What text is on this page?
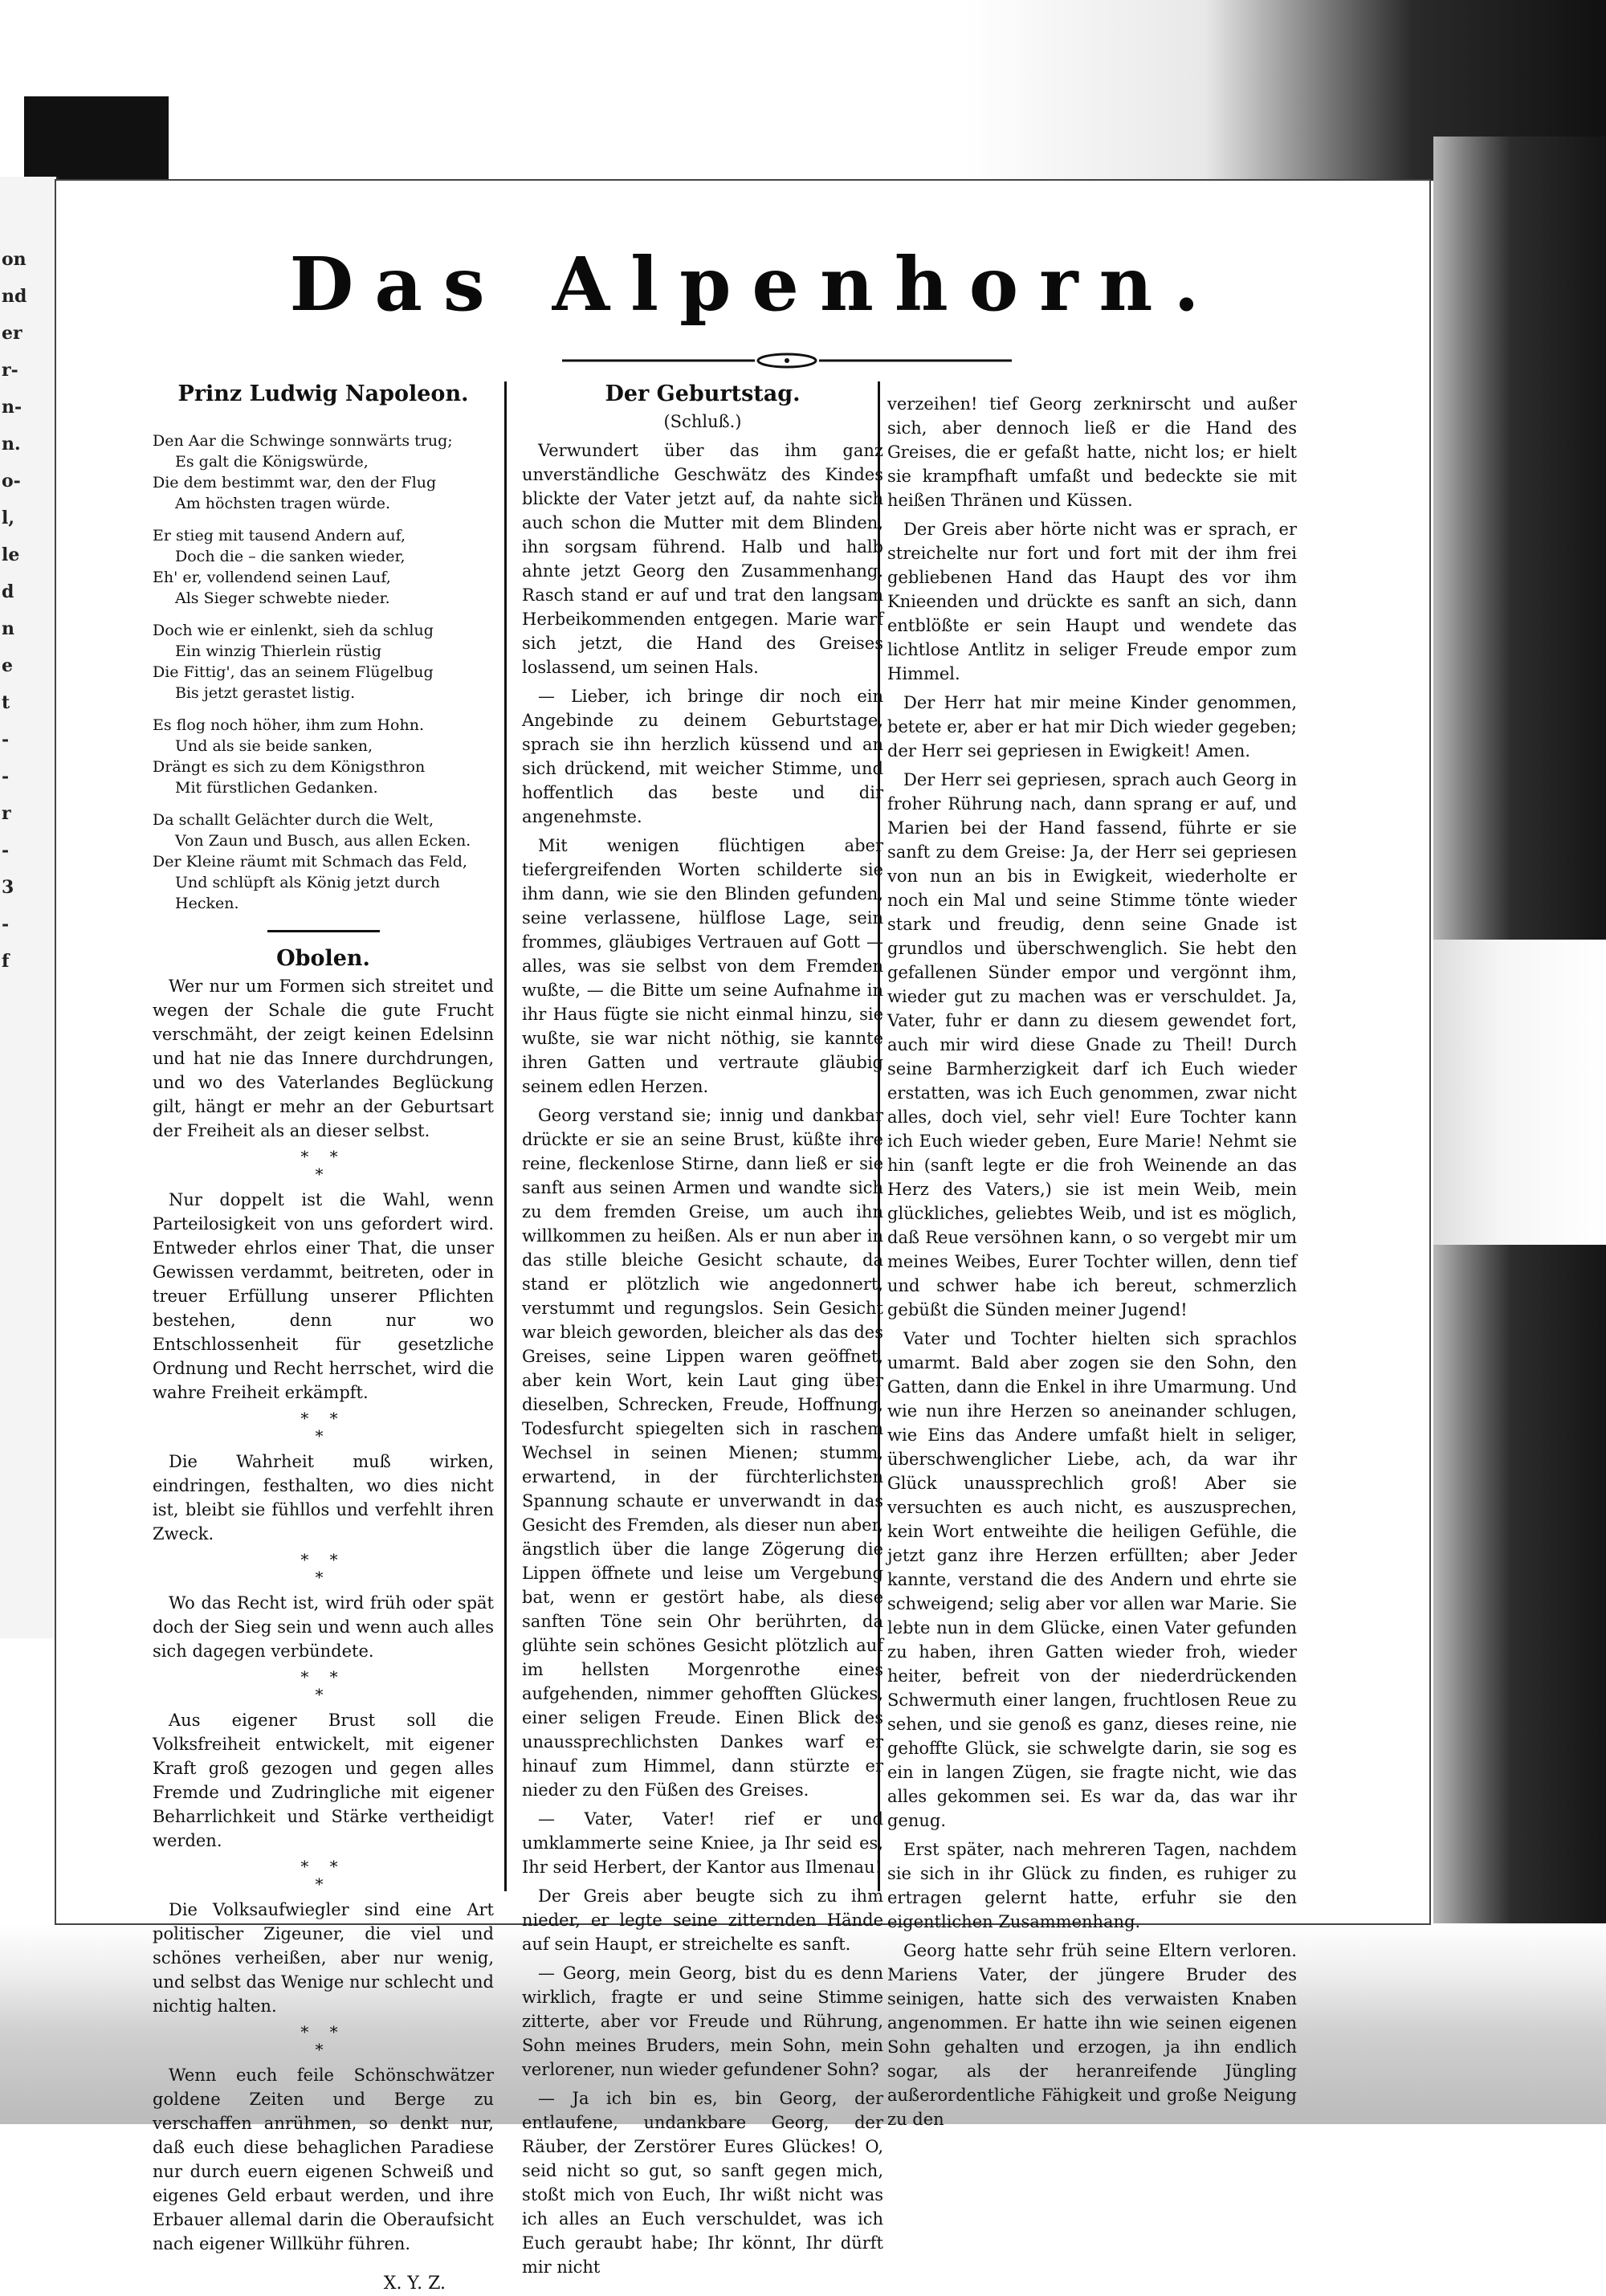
on
nd
er
r-
n-
n.
o-
l,
le
d
n
e
t
-
-
r
-
3
-
f
Das Alpenhorn.
Prinz Ludwig Napoleon.

Den Aar die Schwinge sonnwärts trug;

Es galt die Königswürde,

Die dem bestimmt war, den der Flug

Am höchsten tragen würde.

Er stieg mit tausend Andern auf,

Doch die – die sanken wieder,

Eh' er, vollendend seinen Lauf,

Als Sieger schwebte nieder.

Doch wie er einlenkt, sieh da schlug

Ein winzig Thierlein rüstig

Die Fittig', das an seinem Flügelbug

Bis jetzt gerastet listig.

Es flog noch höher, ihm zum Hohn.

Und als sie beide sanken,

Drängt es sich zu dem Königsthron

Mit fürstlichen Gedanken.

Da schallt Gelächter durch die Welt,

Von Zaun und Busch, aus allen Ecken.

Der Kleine räumt mit Schmach das Feld,

Und schlüpft als König jetzt durch Hecken.

Obolen.

Wer nur um Formen sich streitet und wegen der Schale die gute Frucht verschmäht, der zeigt keinen Edelsinn und hat nie das Innere durchdrungen, und wo des Vaterlandes Beglückung gilt, hängt er mehr an der Geburtsart der Freiheit als an dieser selbst.

* *
*

Nur doppelt ist die Wahl, wenn Parteilosigkeit von uns gefordert wird. Entweder ehrlos einer That, die unser Gewissen verdammt, beitreten, oder in treuer Erfüllung unserer Pflichten bestehen, denn nur wo Entschlossenheit für gesetzliche Ordnung und Recht herrschet, wird die wahre Freiheit erkämpft.

* *
*

Die Wahrheit muß wirken, eindringen, festhalten, wo dies nicht ist, bleibt sie fühllos und verfehlt ihren Zweck.

* *
*

Wo das Recht ist, wird früh oder spät doch der Sieg sein und wenn auch alles sich dagegen verbündete.

* *
*

Aus eigener Brust soll die Volksfreiheit entwickelt, mit eigener Kraft groß gezogen und gegen alles Fremde und Zudringliche mit eigener Beharrlichkeit und Stärke vertheidigt werden.

* *
*

Die Volksaufwiegler sind eine Art politischer Zigeuner, die viel und schönes verheißen, aber nur wenig, und selbst das Wenige nur schlecht und nichtig halten.

* *
*

Wenn euch feile Schönschwätzer goldene Zeiten und Berge zu verschaffen anrühmen, so denkt nur, daß euch diese behaglichen Paradiese nur durch euern eigenen Schweiß und eigenes Geld erbaut werden, und ihre Erbauer allemal darin die Oberaufsicht nach eigener Willkühr führen.

X. Y. Z.
Der Geburtstag.
(Schluß.)

Verwundert über das ihm ganz unverständliche Geschwätz des Kindes blickte der Vater jetzt auf, da nahte sich auch schon die Mutter mit dem Blinden, ihn sorgsam führend. Halb und halb ahnte jetzt Georg den Zusammenhang. Rasch stand er auf und trat den langsam Herbeikommenden entgegen. Marie warf sich jetzt, die Hand des Greises loslassend, um seinen Hals.

— Lieber, ich bringe dir noch ein Angebinde zu deinem Geburtstage, sprach sie ihn herzlich küssend und an sich drückend, mit weicher Stimme, und hoffentlich das beste und dir angenehmste.

Mit wenigen flüchtigen aber tiefergreifenden Worten schilderte sie ihm dann, wie sie den Blinden gefunden, seine verlassene, hülflose Lage, sein frommes, gläubiges Vertrauen auf Gott — alles, was sie selbst von dem Fremden wußte, — die Bitte um seine Aufnahme in ihr Haus fügte sie nicht einmal hinzu, sie wußte, sie war nicht nöthig, sie kannte ihren Gatten und vertraute gläubig seinem edlen Herzen.

Georg verstand sie; innig und dankbar drückte er sie an seine Brust, küßte ihre reine, fleckenlose Stirne, dann ließ er sie sanft aus seinen Armen und wandte sich zu dem fremden Greise, um auch ihn willkommen zu heißen. Als er nun aber in das stille bleiche Gesicht schaute, da stand er plötzlich wie angedonnert, verstummt und regungslos. Sein Gesicht war bleich geworden, bleicher als das des Greises, seine Lippen waren geöffnet, aber kein Wort, kein Laut ging über dieselben, Schrecken, Freude, Hoffnung, Todesfurcht spiegelten sich in raschem Wechsel in seinen Mienen; stumm, erwartend, in der fürchterlichsten Spannung schaute er unverwandt in das Gesicht des Fremden, als dieser nun aber, ängstlich über die lange Zögerung die Lippen öffnete und leise um Vergebung bat, wenn er gestört habe, als diese sanften Töne sein Ohr berührten, da glühte sein schönes Gesicht plötzlich auf im hellsten Morgenrothe eines aufgehenden, nimmer gehofften Glückes, einer seligen Freude. Einen Blick des unaussprechlichsten Dankes warf er hinauf zum Himmel, dann stürzte er nieder zu den Füßen des Greises.

— Vater, Vater! rief er und umklammerte seine Kniee, ja Ihr seid es, Ihr seid Herbert, der Kantor aus Ilmenau!

Der Greis aber beugte sich zu ihm nieder, er legte seine zitternden Hände auf sein Haupt, er streichelte es sanft.

— Georg, mein Georg, bist du es denn wirklich, fragte er und seine Stimme zitterte, aber vor Freude und Rührung, Sohn meines Bruders, mein Sohn, mein verlorener, nun wieder gefundener Sohn?

— Ja ich bin es, bin Georg, der entlaufene, undankbare Georg, der Räuber, der Zerstörer Eures Glückes! O, seid nicht so gut, so sanft gegen mich, stoßt mich von Euch, Ihr wißt nicht was ich alles an Euch verschuldet, was ich Euch geraubt habe; Ihr könnt, Ihr dürft mir nicht

verzeihen! tief Georg zerknirscht und außer sich, aber dennoch ließ er die Hand des Greises, die er gefaßt hatte, nicht los; er hielt sie krampfhaft umfaßt und bedeckte sie mit heißen Thränen und Küssen.

Der Greis aber hörte nicht was er sprach, er streichelte nur fort und fort mit der ihm frei gebliebenen Hand das Haupt des vor ihm Knieenden und drückte es sanft an sich, dann entblößte er sein Haupt und wendete das lichtlose Antlitz in seliger Freude empor zum Himmel.

Der Herr hat mir meine Kinder genommen, betete er, aber er hat mir Dich wieder gegeben; der Herr sei gepriesen in Ewigkeit! Amen.

Der Herr sei gepriesen, sprach auch Georg in froher Rührung nach, dann sprang er auf, und Marien bei der Hand fassend, führte er sie sanft zu dem Greise: Ja, der Herr sei gepriesen von nun an bis in Ewigkeit, wiederholte er noch ein Mal und seine Stimme tönte wieder stark und freudig, denn seine Gnade ist grundlos und überschwenglich. Sie hebt den gefallenen Sünder empor und vergönnt ihm, wieder gut zu machen was er verschuldet. Ja, Vater, fuhr er dann zu diesem gewendet fort, auch mir wird diese Gnade zu Theil! Durch seine Barmherzigkeit darf ich Euch wieder erstatten, was ich Euch genommen, zwar nicht alles, doch viel, sehr viel! Eure Tochter kann ich Euch wieder geben, Eure Marie! Nehmt sie hin (sanft legte er die froh Weinende an das Herz des Vaters,) sie ist mein Weib, mein glückliches, geliebtes Weib, und ist es möglich, daß Reue versöhnen kann, o so vergebt mir um meines Weibes, Eurer Tochter willen, denn tief und schwer habe ich bereut, schmerzlich gebüßt die Sünden meiner Jugend!

Vater und Tochter hielten sich sprachlos umarmt. Bald aber zogen sie den Sohn, den Gatten, dann die Enkel in ihre Umarmung. Und wie nun ihre Herzen so aneinander schlugen, wie Eins das Andere umfaßt hielt in seliger, überschwenglicher Liebe, ach, da war ihr Glück unaussprechlich groß! Aber sie versuchten es auch nicht, es auszusprechen, kein Wort entweihte die heiligen Gefühle, die jetzt ganz ihre Herzen erfüllten; aber Jeder kannte, verstand die des Andern und ehrte sie schweigend; selig aber vor allen war Marie. Sie lebte nun in dem Glücke, einen Vater gefunden zu haben, ihren Gatten wieder froh, wieder heiter, befreit von der niederdrückenden Schwermuth einer langen, fruchtlosen Reue zu sehen, und sie genoß es ganz, dieses reine, nie gehoffte Glück, sie schwelgte darin, sie sog es ein in langen Zügen, sie fragte nicht, wie das alles gekommen sei. Es war da, das war ihr genug.

Erst später, nach mehreren Tagen, nachdem sie sich in ihr Glück zu finden, es ruhiger zu ertragen gelernt hatte, erfuhr sie den eigentlichen Zusammenhang.

Georg hatte sehr früh seine Eltern verloren. Mariens Vater, der jüngere Bruder des seinigen, hatte sich des verwaisten Knaben angenommen. Er hatte ihn wie seinen eigenen Sohn gehalten und erzogen, ja ihn endlich sogar, als der heranreifende Jüngling außerordentliche Fähigkeit und große Neigung zu den
